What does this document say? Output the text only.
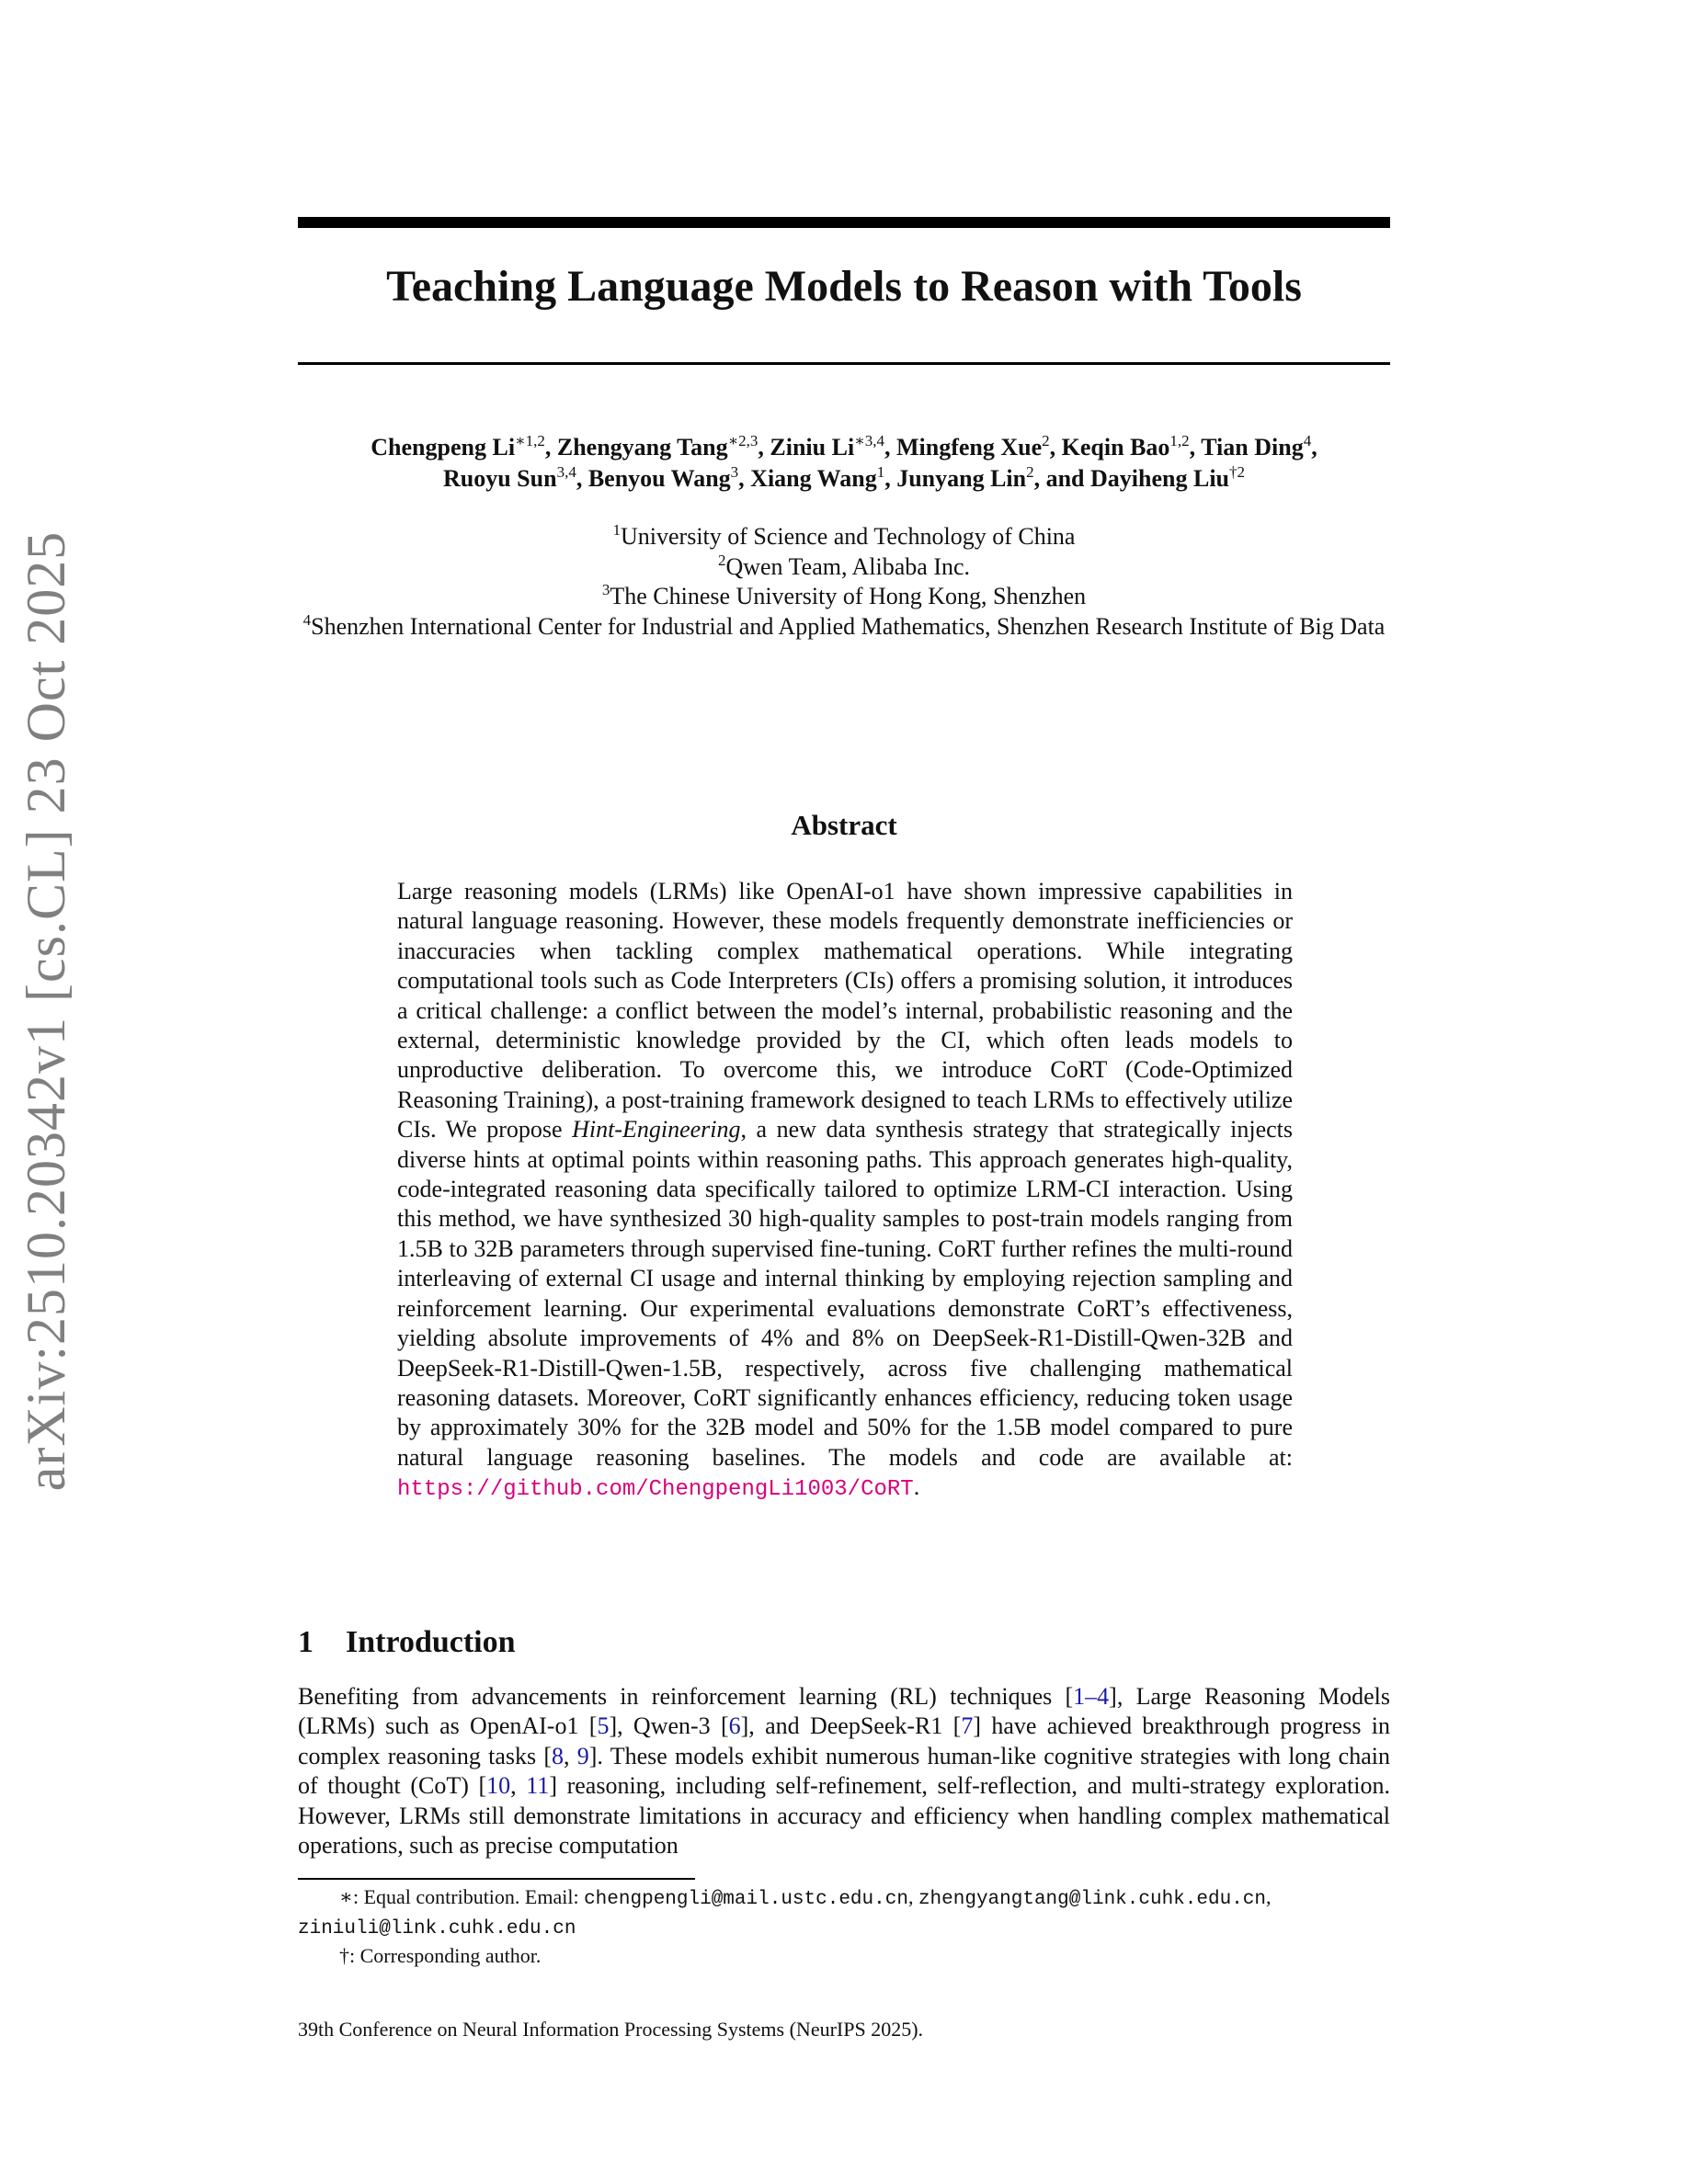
arXiv:2510.20342v1 [cs.CL] 23 Oct 2025
Teaching Language Models to Reason with Tools
Chengpeng $Li^{∗1,2}$, Zhengyang Tang$^{∗2,3}$, Ziniu $Li^{∗3,4}$, Mingfeng Xue$^2$, Keqin Bao$^{1,2}$, Tian Ding$^4$,
Ruoyu Sun$^{3,4}$, Benyou Wang$^3$, Xiang Wang$^1$, Junyang Lin$^2$, and Dayiheng Liu$^{\dagger 2}$
$^1$University of Science and Technology of China
$^2$Qwen Team, Alibaba Inc.
$^3$The Chinese University of Hong Kong, Shenzhen
$^4$Shenzhen International Center for Industrial and Applied Mathematics, Shenzhen Research Institute of Big Data
Abstract
Large reasoning models (LRMs) like OpenAI-o1 have shown impressive capabilities in natural language reasoning. However, these models frequently demonstrate inefficiencies or inaccuracies when tackling complex mathematical operations. While integrating computational tools such as Code Interpreters (CIs) offers a promising solution, it introduces a critical challenge: a conflict between the model’s internal, probabilistic reasoning and the external, deterministic knowledge provided by the CI, which often leads models to unproductive deliberation. To overcome this, we introduce CoRT (Code-Optimized Reasoning Training), a post-training framework designed to teach LRMs to effectively utilize CIs. We propose Hint-Engineering, a new data synthesis strategy that strategically injects diverse hints at optimal points within reasoning paths. This approach generates high-quality, code-integrated reasoning data specifically tailored to optimize LRM-CI interaction. Using this method, we have synthesized 30 high-quality samples to post-train models ranging from 1.5B to 32B parameters through supervised fine-tuning. CoRT further refines the multi-round interleaving of external CI usage and internal thinking by employing rejection sampling and reinforcement learning. Our experimental evaluations demonstrate CoRT’s effectiveness, yielding absolute improvements of 4% and 8% on DeepSeek-R1-Distill-Qwen-32B and DeepSeek-R1-Distill-Qwen-1.5B, respectively, across five challenging mathematical reasoning datasets. Moreover, CoRT significantly enhances efficiency, reducing token usage by approximately 30% for the 32B model and 50% for the 1.5B model compared to pure natural language reasoning baselines. The models and code are available at: https://github.com/ChengpengLi1003/CoRT.
1 Introduction
Benefiting from advancements in reinforcement learning (RL) techniques [1–4], Large Reasoning Models (LRMs) such as OpenAI-o1 [5], Qwen-3 [6], and DeepSeek-R1 [7] have achieved breakthrough progress in complex reasoning tasks [8, 9]. These models exhibit numerous human-like cognitive strategies with long chain of thought (CoT) [10, 11] reasoning, including self-refinement, self-reflection, and multi-strategy exploration. However, LRMs still demonstrate limitations in accuracy and efficiency when handling complex mathematical operations, such as precise computation
∗: Equal contribution. Email: chengpengli@mail.ustc.edu.cn, zhengyangtang@link.cuhk.edu.cn, ziniuli@link.cuhk.edu.cn
†: Corresponding author.
39th Conference on Neural Information Processing Systems (NeurIPS 2025).
